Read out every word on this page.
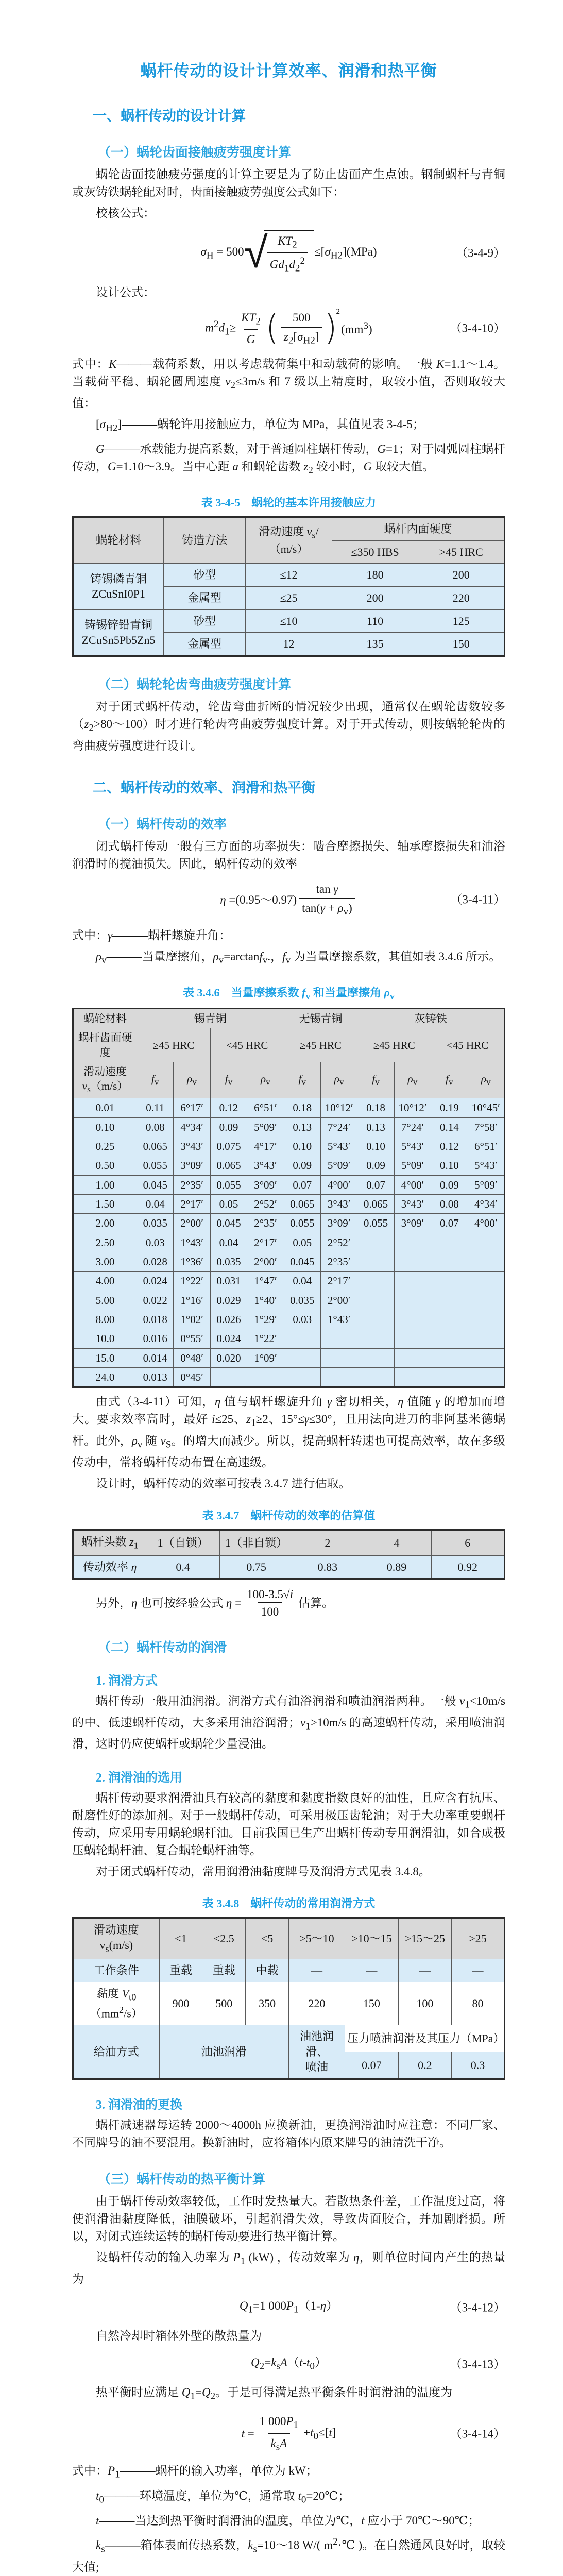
蜗杆传动的设计计算效率、润滑和热平衡
一、蜗杆传动的设计计算
（一）蜗轮齿面接触疲劳强度计算

蜗轮齿面接触疲劳强度的计算主要是为了防止齿面产生点蚀。钢制蜗杆与青铜或灰铸铁蜗轮配对时，齿面接触疲劳强度公式如下：

校核公式：

$\sigma_H = 500$ √
$\frac{KT_2}{Gd_1d_2^2} \le[\sigma_{H2}](MPa)$	（3-4-9）

设计公式：

$m^2d_1\ge \frac{KT_2}{G}$ ( $\frac{500}{z_2[\sigma_{H2}]}$ )
$^2$
$(mm^3)$	（3-4-10）

式中：K———载荷系数，用以考虑载荷集中和动载荷的影响。一般 K=1.1～1.4。当载荷平稳、蜗轮圆周速度 $v_2\le 3m/s$ 和 7 级以上精度时，取较小值，否则取较大值：

$[\sigma_{H2}]———$蜗轮许用接触应力，单位为 MPa，其值见表 3-4-5；

G———承载能力提高系数，对于普通圆柱蜗杆传动，G=1；对于圆弧圆柱蜗杆传动，G=1.10～3.9。当中心距 a 和蜗轮齿数 $z_2$ 较小时，G 取较大值。

表 3-4-5　蜗轮的基本许用接触应力
蜗轮材料	铸造方法	滑动速度 $v_s/(m/s)$	蜗杆内面硬度	
			≤350 HBS	>45 HRC
铸锡磷青铜
ZCuSnI0P1	砂型	≤12	180	200
	金属型	≤25	200	220
铸锡锌铅青铜
ZCuSn5Pb5Zn5	砂型	≤10	110	125
	金属型	12	135	150
（二）蜗轮轮齿弯曲疲劳强度计算

对于闭式蜗杆传动，轮齿弯曲折断的情况较少出现，通常仅在蜗轮齿数较多$(z_2>80\sim 100)$时才进行轮齿弯曲疲劳强度计算。对于开式传动，则按蜗轮轮齿的弯曲疲劳强度进行设计。

二、蜗杆传动的效率、润滑和热平衡
（一）蜗杆传动的效率

闭式蜗杆传动一般有三方面的功率损失：啮合摩擦损失、轴承摩擦损失和油浴润滑时的搅油损失。因此，蜗杆传动的效率

η =(0.95～0.97) $\frac{\text{tan γ}}{\tan(\gamma + \rho_v)}$	（3-4-11）

式中：γ———蜗杆螺旋升角：

$\rho_v———$当量摩擦角，$\rho_v=\arctan f_v$.，$f_v$ 为当量摩擦系数，其值如表 3.4.6 所示。

表 3.4.6　当量摩擦系数 $f_v$ 和当量摩擦角 $\rho_v$
蜗轮材料	锡青铜				无锡青铜		灰铸铁			
蜗杆齿面硬度	≥45 HRC		<45 HRC		≥45 HRC		≥45 HRC		<45 HRC	
滑动速度
$v_s(m/s)$	$f_v$	$\rho_v$	$f_v$	$\rho_v$	$f_v$	$\rho_v$	$f_v$	$\rho_v$	$f_v$	$\rho_v$
0.01	0.11	6°17′	0.12	6°51′	0.18	10°12′	0.18	10°12′	0.19	10°45′
0.10	0.08	4°34′	0.09	5°09′	0.13	7°24′	0.13	7°24′	0.14	7°58′
0.25	0.065	3°43′	0.075	4°17′	0.10	5°43′	0.10	5°43′	0.12	6°51′
0.50	0.055	3°09′	0.065	3°43′	0.09	5°09′	0.09	5°09′	0.10	5°43′
1.00	0.045	2°35′	0.055	3°09′	0.07	4°00′	0.07	4°00′	0.09	5°09′
1.50	0.04	2°17′	0.05	2°52′	0.065	3°43′	0.065	3°43′	0.08	4°34′
2.00	0.035	2°00′	0.045	2°35′	0.055	3°09′	0.055	3°09′	0.07	4°00′
2.50	0.03	1°43′	0.04	2°17′	0.05	2°52′				
3.00	0.028	1°36′	0.035	2°00′	0.045	2°35′				
4.00	0.024	1°22′	0.031	1°47′	0.04	2°17′				
5.00	0.022	1°16′	0.029	1°40′	0.035	2°00′				
8.00	0.018	1°02′	0.026	1°29′	0.03	1°43′				
10.0	0.016	0°55′	0.024	1°22′						
15.0	0.014	0°48′	0.020	1°09′						
24.0	0.013	0°45′								

由式（3-4-11）可知，η 值与蜗杆螺旋升角 γ 密切相关，η 值随 γ 的增加而增大。要求效率高时，最好 i≤25、$z_1\ge 2$、15°≤γ≤30°，且用法向进刀的非阿基米德蜗杆。此外，$\rho_v$ 随 $v_S$。的增大而减少。所以，提高蜗杆转速也可提高效率，故在多级传动中，常将蜗杆传动布置在高速级。

设计时，蜗杆传动的效率可按表 3.4.7 进行估取。

表 3.4.7　蜗杆传动的效率的估算值
蜗杆头数 $z_1$	1（自锁）	1（非自锁）	2	4	6
传动效率 η	0.4	0.75	0.83	0.89	0.92
另外，η 也可按经验公式 $\eta = \frac{100-3.5√i}{100}$ 估算。
（二）蜗杆传动的润滑
1. 润滑方式

蜗杆传动一般用油润滑。润滑方式有油浴润滑和喷油润滑两种。一般 $v_1<10m/s$ 的中、低速蜗杆传动，大多采用油浴润滑；$v_1>10m/s$ 的高速蜗杆传动，采用喷油润滑，这时仍应使蜗杆或蜗轮少量浸油。

2. 润滑油的选用

蜗杆传动要求润滑油具有较高的黏度和黏度指数良好的油性，且应含有抗压、耐磨性好的添加剂。对于一般蜗杆传动，可采用极压齿轮油；对于大功率重要蜗杆传动，应采用专用蜗轮蜗杆油。目前我国已生产出蜗杆传动专用润滑油，如合成极压蜗轮蜗杆油、复合蜗轮蜗杆油等。

对于闭式蜗杆传动，常用润滑油黏度牌号及润滑方式见表 3.4.8。

表 3.4.8　蜗杆传动的常用润滑方式
滑动速度 $v_s(m/s)$	<1	<2.5	<5	>5～10	>10～15	>15～25	>25
工作条件	重载	重载	中载	—	—	—	—
黏度 $V_{t0}(mm^2/s)$	900	500	350	220	150	100	80
给油方式	油池润滑			油池润滑、
喷油	压力喷油润滑及其压力（MPa）		
					0.07	0.2	0.3
3. 润滑油的更换

蜗杆减速器每运转 2000～4000h 应换新油，更换润滑油时应注意：不同厂家、不同牌号的油不要混用。换新油时，应将箱体内原来牌号的油清洗干净。

（三）蜗杆传动的热平衡计算

由于蜗杆传动效率较低，工作时发热量大。若散热条件差，工作温度过高，将使润滑油黏度降低，油膜破坏，引起润滑失效，导致齿面胶合，并加剧磨损。所以，对闭式连续运转的蜗杆传动要进行热平衡计算。

设蜗杆传动的输入功率为 $P_1$ (kW) ，传动效率为 η，则单位时间内产生的热量为

$Q_1=1$ $000P_1(1-\eta)$	（3-4-12）

自然冷却时箱体外壁的散热量为

$Q_2=k_sA(t-t_0)$	（3-4-13）

热平衡时应满足 $Q_1=Q_2$。于是可得满足热平衡条件时润滑油的温度为

$t = \frac{1 000P_1}{k_sA} +t_0\le[t]$	（3-4-14）

式中：$P_1———$蜗杆的输入功率，单位为 kW；

$t_0———$环境温度，单位为℃，通常取 $t_0=20℃$；

t———当达到热平衡时润滑油的温度，单位为℃，t 应小于 70℃～90℃；

$k_s———$箱体表面传热系数，$k_s=10\sim 18$ W/( $m^2\cdot℃$ )。在自然通风良好时，取较大值;
